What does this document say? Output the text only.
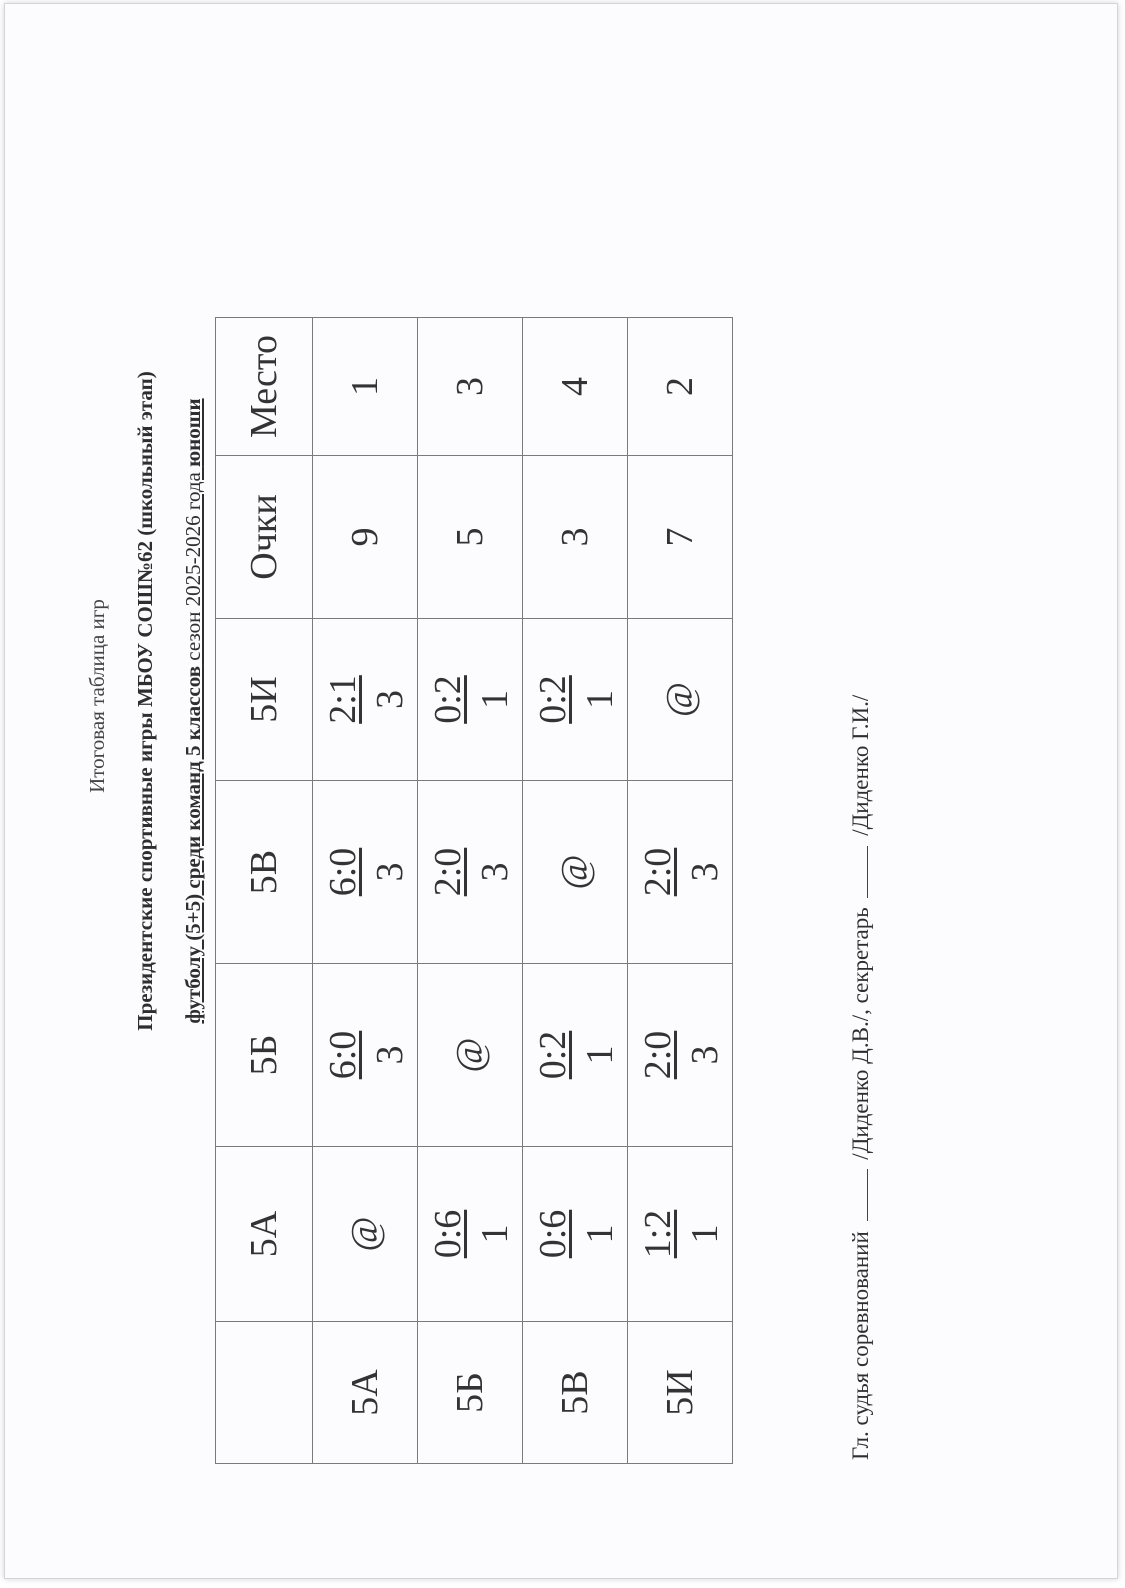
Итоговая таблица игр Президентские спортивные игры МБОУ СОШ№62 (школьный этап) футболу (5+5) среди команд 5 классов сезон 2025-2026 года юноши
	5А	5Б	5В	5И	Очки	Место
5А	@	6:0 3	6:0 3	2:1 3	9	1
5Б	0:6 1	@	2:0 3	0:2 1	5	3
5В	0:6 1	0:2 1	@	0:2 1	3	4
5И	1:2 1	2:0 3	2:0 3	@	7	2
Гл. судья соревнований  /Диденко Д.В./, секретарь  /Диденко Г.И./
